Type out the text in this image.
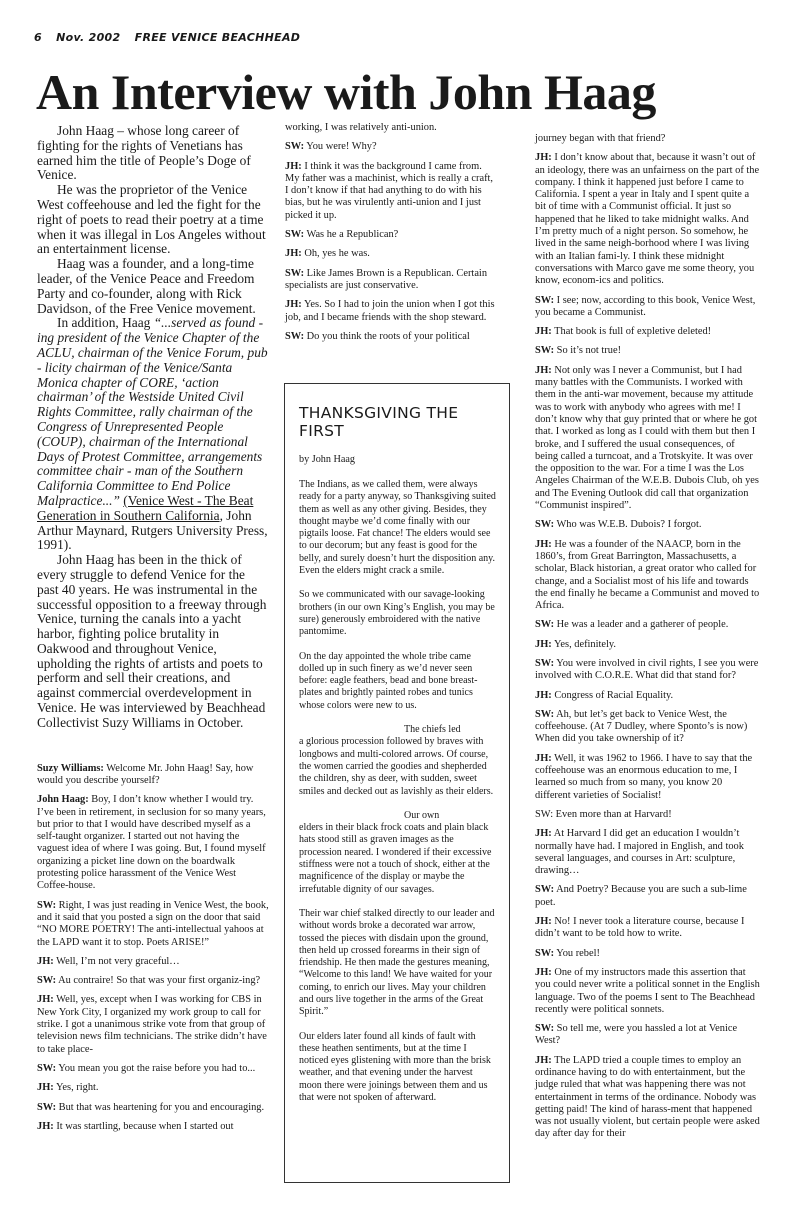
6 Nov. 2002 FREE VENICE BEACHHEAD
An Interview with John Haag

John Haag – whose long career of fighting for the rights of Venetians has earned him the title of People’s Doge of Venice.

He was the proprietor of the Venice West coffeehouse and led the fight for the right of poets to read their poetry at a time when it was illegal in Los Angeles without an entertainment license.

Haag was a founder, and a long-time leader, of the Venice Peace and Freedom Party and co-founder, along with Rick Davidson, of the Free Venice movement.

In addition, Haag “...served as found - ing president of the Venice Chapter of the ACLU, chairman of the Venice Forum, pub - licity chairman of the Venice/Santa Monica chapter of CORE, ‘action chairman’ of the Westside United Civil Rights Committee, rally chairman of the Congress of Unrepresented People (COUP), chairman of the International Days of Protest Committee, arrangements committee chair - man of the Southern California Committee to End Police Malpractice...” (Venice West - The Beat Generation in Southern California, John Arthur Maynard, Rutgers University Press, 1991).

John Haag has been in the thick of every struggle to defend Venice for the past 40 years. He was instrumental in the successful opposition to a freeway through Venice, turning the canals into a yacht harbor, fighting police brutality in Oakwood and throughout Venice, upholding the rights of artists and poets to perform and sell their creations, and against commercial overdevelopment in Venice. He was interviewed by Beachhead Collectivist Suzy Williams in October.

Suzy Williams: Welcome Mr. John Haag! Say, how would you describe yourself?

John Haag: Boy, I don’t know whether I would try. I’ve been in retirement, in seclusion for so many years, but prior to that I would have described myself as a self-taught organizer. I started out not having the vaguest idea of where I was going. But, I found myself organizing a picket line down on the boardwalk protesting police harassment of the Venice West Coffee-house.

SW: Right, I was just reading in Venice West, the book, and it said that you posted a sign on the door that said “NO MORE POETRY! The anti-intellectual yahoos at the LAPD want it to stop. Poets ARISE!”

JH: Well, I’m not very graceful…

SW: Au contraire! So that was your first organiz-ing?

JH: Well, yes, except when I was working for CBS in New York City, I organized my work group to call for strike. I got a unanimous strike vote from that group of television news film technicians. The strike didn’t have to take place-

SW: You mean you got the raise before you had to...

JH: Yes, right.

SW: But that was heartening for you and encouraging.

JH: It was startling, because when I started out

working, I was relatively anti-union.

SW: You were! Why?

JH: I think it was the background I came from. My father was a machinist, which is really a craft, I don’t know if that had anything to do with his bias, but he was virulently anti-union and I just picked it up.

SW: Was he a Republican?

JH: Oh, yes he was.

SW: Like James Brown is a Republican. Certain specialists are just conservative.

JH: Yes. So I had to join the union when I got this job, and I became friends with the shop steward.

SW: Do you think the roots of your political

THANKSGIVING THE FIRST

by John Haag

The Indians, as we called them, were always ready for a party anyway, so Thanksgiving suited them as well as any other giving. Besides, they thought maybe we’d come finally with our pigtails loose. Fat chance! The elders would see to our decorum; but any feast is good for the belly, and surely doesn’t hurt the disposition any. Even the elders might crack a smile.

So we communicated with our savage-looking brothers (in our own King’s English, you may be sure) generously embroidered with the native pantomime.

On the day appointed the whole tribe came dolled up in such finery as we’d never seen before: eagle feathers, bead and bone breast-plates and brightly painted robes and tunics whose colors were new to us.

The chiefs led
a glorious procession followed by braves with longbows and multi-colored arrows. Of course, the women carried the goodies and shepherded the children, shy as deer, with sudden, sweet smiles and decked out as lavishly as their elders.

Our own
elders in their black frock coats and plain black hats stood still as graven images as the procession neared. I wondered if their excessive stiffness were not a touch of shock, either at the magnificence of the display or maybe the irrefutable dignity of our savages.

Their war chief stalked directly to our leader and without words broke a decorated war arrow, tossed the pieces with disdain upon the ground, then held up crossed forearms in their sign of friendship. He then made the gestures meaning, “Welcome to this land! We have waited for your coming, to enrich our lives. May your children and ours live together in the arms of the Great Spirit.”

Our elders later found all kinds of fault with these heathen sentiments, but at the time I noticed eyes glistening with more than the brisk weather, and that evening under the harvest moon there were joinings between them and us that were not spoken of afterward.

journey began with that friend?

JH: I don’t know about that, because it wasn’t out of an ideology, there was an unfairness on the part of the company. I think it happened just before I came to California. I spent a year in Italy and I spent quite a bit of time with a Communist official. It just so happened that he liked to take midnight walks. And I’m pretty much of a night person. So somehow, he lived in the same neigh-borhood where I was living with an Italian fami-ly. I think these midnight conversations with Marco gave me some theory, you know, econom-ics and politics.

SW: I see; now, according to this book, Venice West, you became a Communist.

JH: That book is full of expletive deleted!

SW: So it’s not true!

JH: Not only was I never a Communist, but I had many battles with the Communists. I worked with them in the anti-war movement, because my attitude was to work with anybody who agrees with me! I don’t know why that guy printed that or where he got that. I worked as long as I could with them but then I broke, and I suffered the usual consequences, of being called a turncoat, and a Trotskyite. It was over the opposition to the war. For a time I was the Los Angeles Chairman of the W.E.B. Dubois Club, oh yes and The Evening Outlook did call that organization “Communist inspired”.

SW: Who was W.E.B. Dubois? I forgot.

JH: He was a founder of the NAACP, born in the 1860’s, from Great Barrington, Massachusetts, a scholar, Black historian, a great orator who called for change, and a Socialist most of his life and towards the end finally he became a Communist and moved to Africa.

SW: He was a leader and a gatherer of people.

JH: Yes, definitely.

SW: You were involved in civil rights, I see you were involved with C.O.R.E. What did that stand for?

JH: Congress of Racial Equality.

SW: Ah, but let’s get back to Venice West, the coffeehouse. (At 7 Dudley, where Sponto’s is now) When did you take ownership of it?

JH: Well, it was 1962 to 1966. I have to say that the coffeehouse was an enormous education to me, I learned so much from so many, you know 20 different varieties of Socialist!

SW: Even more than at Harvard!

JH: At Harvard I did get an education I wouldn’t normally have had. I majored in English, and took several languages, and courses in Art: sculpture, drawing…

SW: And Poetry? Because you are such a sub-lime poet.

JH: No! I never took a literature course, because I didn’t want to be told how to write.

SW: You rebel!

JH: One of my instructors made this assertion that you could never write a political sonnet in the English language. Two of the poems I sent to The Beachhead recently were political sonnets.

SW: So tell me, were you hassled a lot at Venice West?

JH: The LAPD tried a couple times to employ an ordinance having to do with entertainment, but the judge ruled that what was happening there was not entertainment in terms of the ordinance. Nobody was getting paid! The kind of harass-ment that happened was not usually violent, but certain people were asked day after day for their
